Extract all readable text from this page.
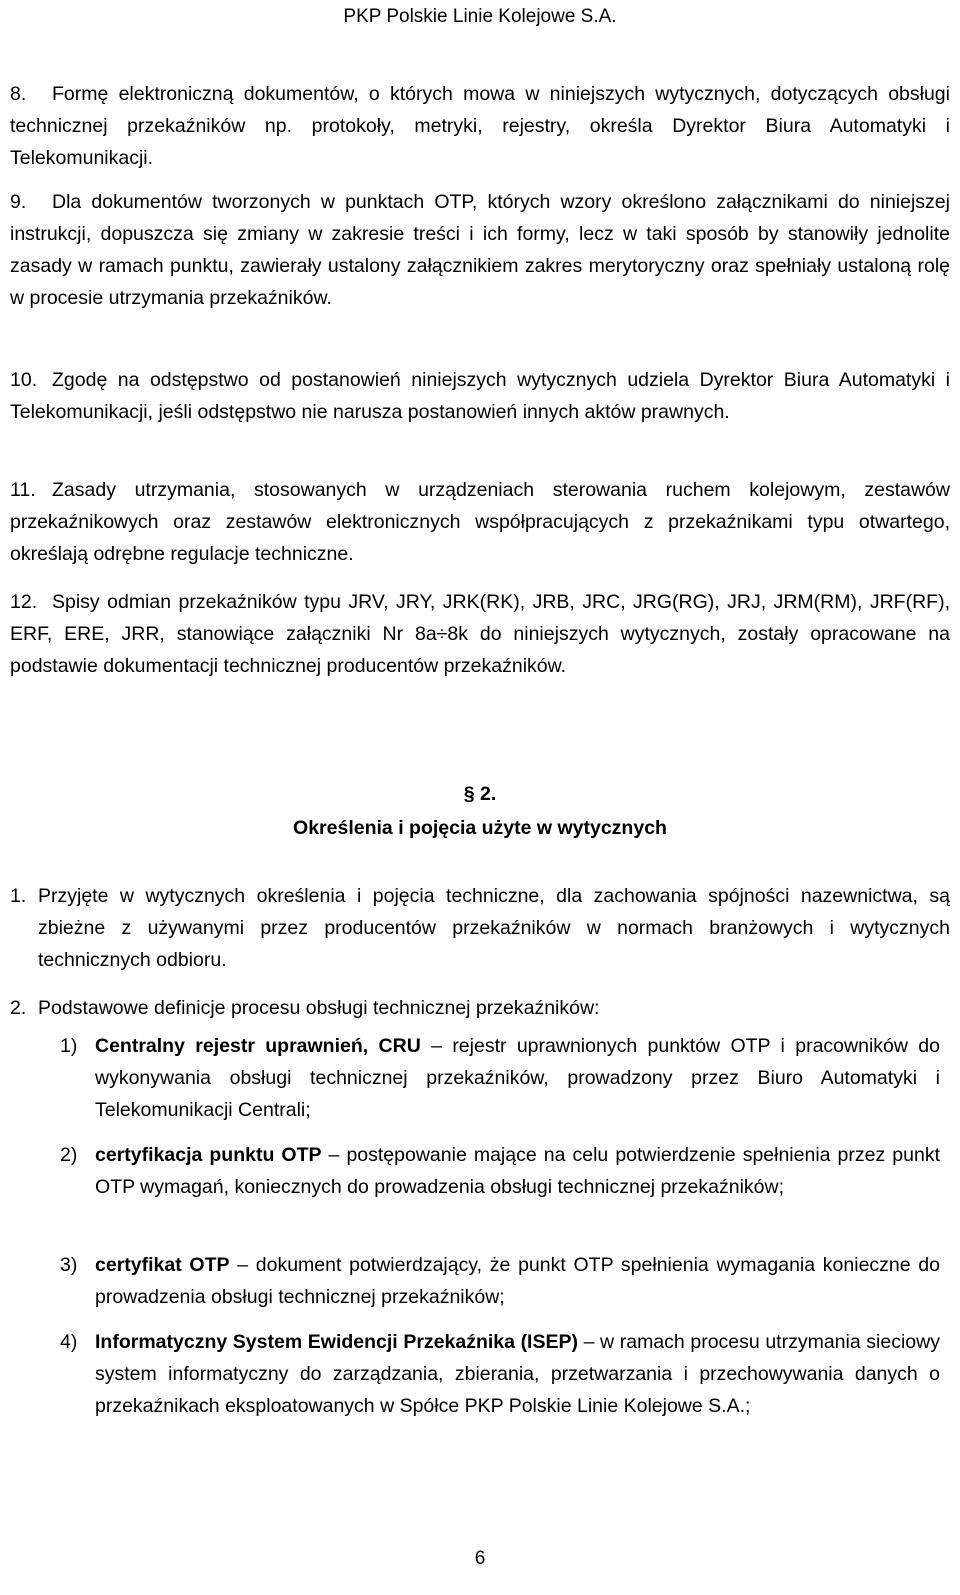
PKP Polskie Linie Kolejowe S.A.
8.	Formę elektroniczną dokumentów, o których mowa w niniejszych wytycznych, dotyczących obsługi technicznej przekaźników np. protokoły, metryki, rejestry, określa Dyrektor Biura Automatyki i Telekomunikacji.
9.	Dla dokumentów tworzonych w punktach OTP, których wzory określono załącznikami do niniejszej instrukcji, dopuszcza się zmiany w zakresie treści i ich formy, lecz w taki sposób by stanowiły jednolite zasady w ramach punktu, zawierały ustalony załącznikiem zakres merytoryczny oraz spełniały ustaloną rolę w procesie utrzymania przekaźników.
10. Zgodę na odstępstwo od postanowień niniejszych wytycznych udziela Dyrektor Biura Automatyki i Telekomunikacji, jeśli odstępstwo nie narusza postanowień innych aktów prawnych.
11. Zasady utrzymania, stosowanych w urządzeniach sterowania ruchem kolejowym, zestawów przekaźnikowych oraz zestawów elektronicznych współpracujących z przekaźnikami typu otwartego, określają odrębne regulacje techniczne.
12. Spisy odmian przekaźników typu JRV, JRY, JRK(RK), JRB, JRC, JRG(RG), JRJ, JRM(RM), JRF(RF), ERF, ERE, JRR, stanowiące załączniki Nr 8a÷8k do niniejszych wytycznych, zostały opracowane na podstawie dokumentacji technicznej producentów przekaźników.
§ 2.
Określenia i pojęcia użyte w wytycznych
1. Przyjęte w wytycznych określenia i pojęcia techniczne, dla zachowania spójności nazewnictwa, są zbieżne z używanymi przez producentów przekaźników w normach branżowych i wytycznych technicznych odbioru.
2. Podstawowe definicje procesu obsługi technicznej przekaźników:
1) Centralny rejestr uprawnień, CRU – rejestr uprawnionych punktów OTP i pracowników do wykonywania obsługi technicznej przekaźników, prowadzony przez Biuro Automatyki i Telekomunikacji Centrali;
2) certyfikacja punktu OTP – postępowanie mające na celu potwierdzenie spełnienia przez punkt OTP wymagań, koniecznych do prowadzenia obsługi technicznej przekaźników;
3) certyfikat OTP – dokument potwierdzający, że punkt OTP spełnienia wymagania konieczne do prowadzenia obsługi technicznej przekaźników;
4) Informatyczny System Ewidencji Przekaźnika (ISEP) – w ramach procesu utrzymania sieciowy system informatyczny do zarządzania, zbierania, przetwarzania i przechowywania danych o przekaźnikach eksploatowanych w Spółce PKP Polskie Linie Kolejowe S.A.;
6
